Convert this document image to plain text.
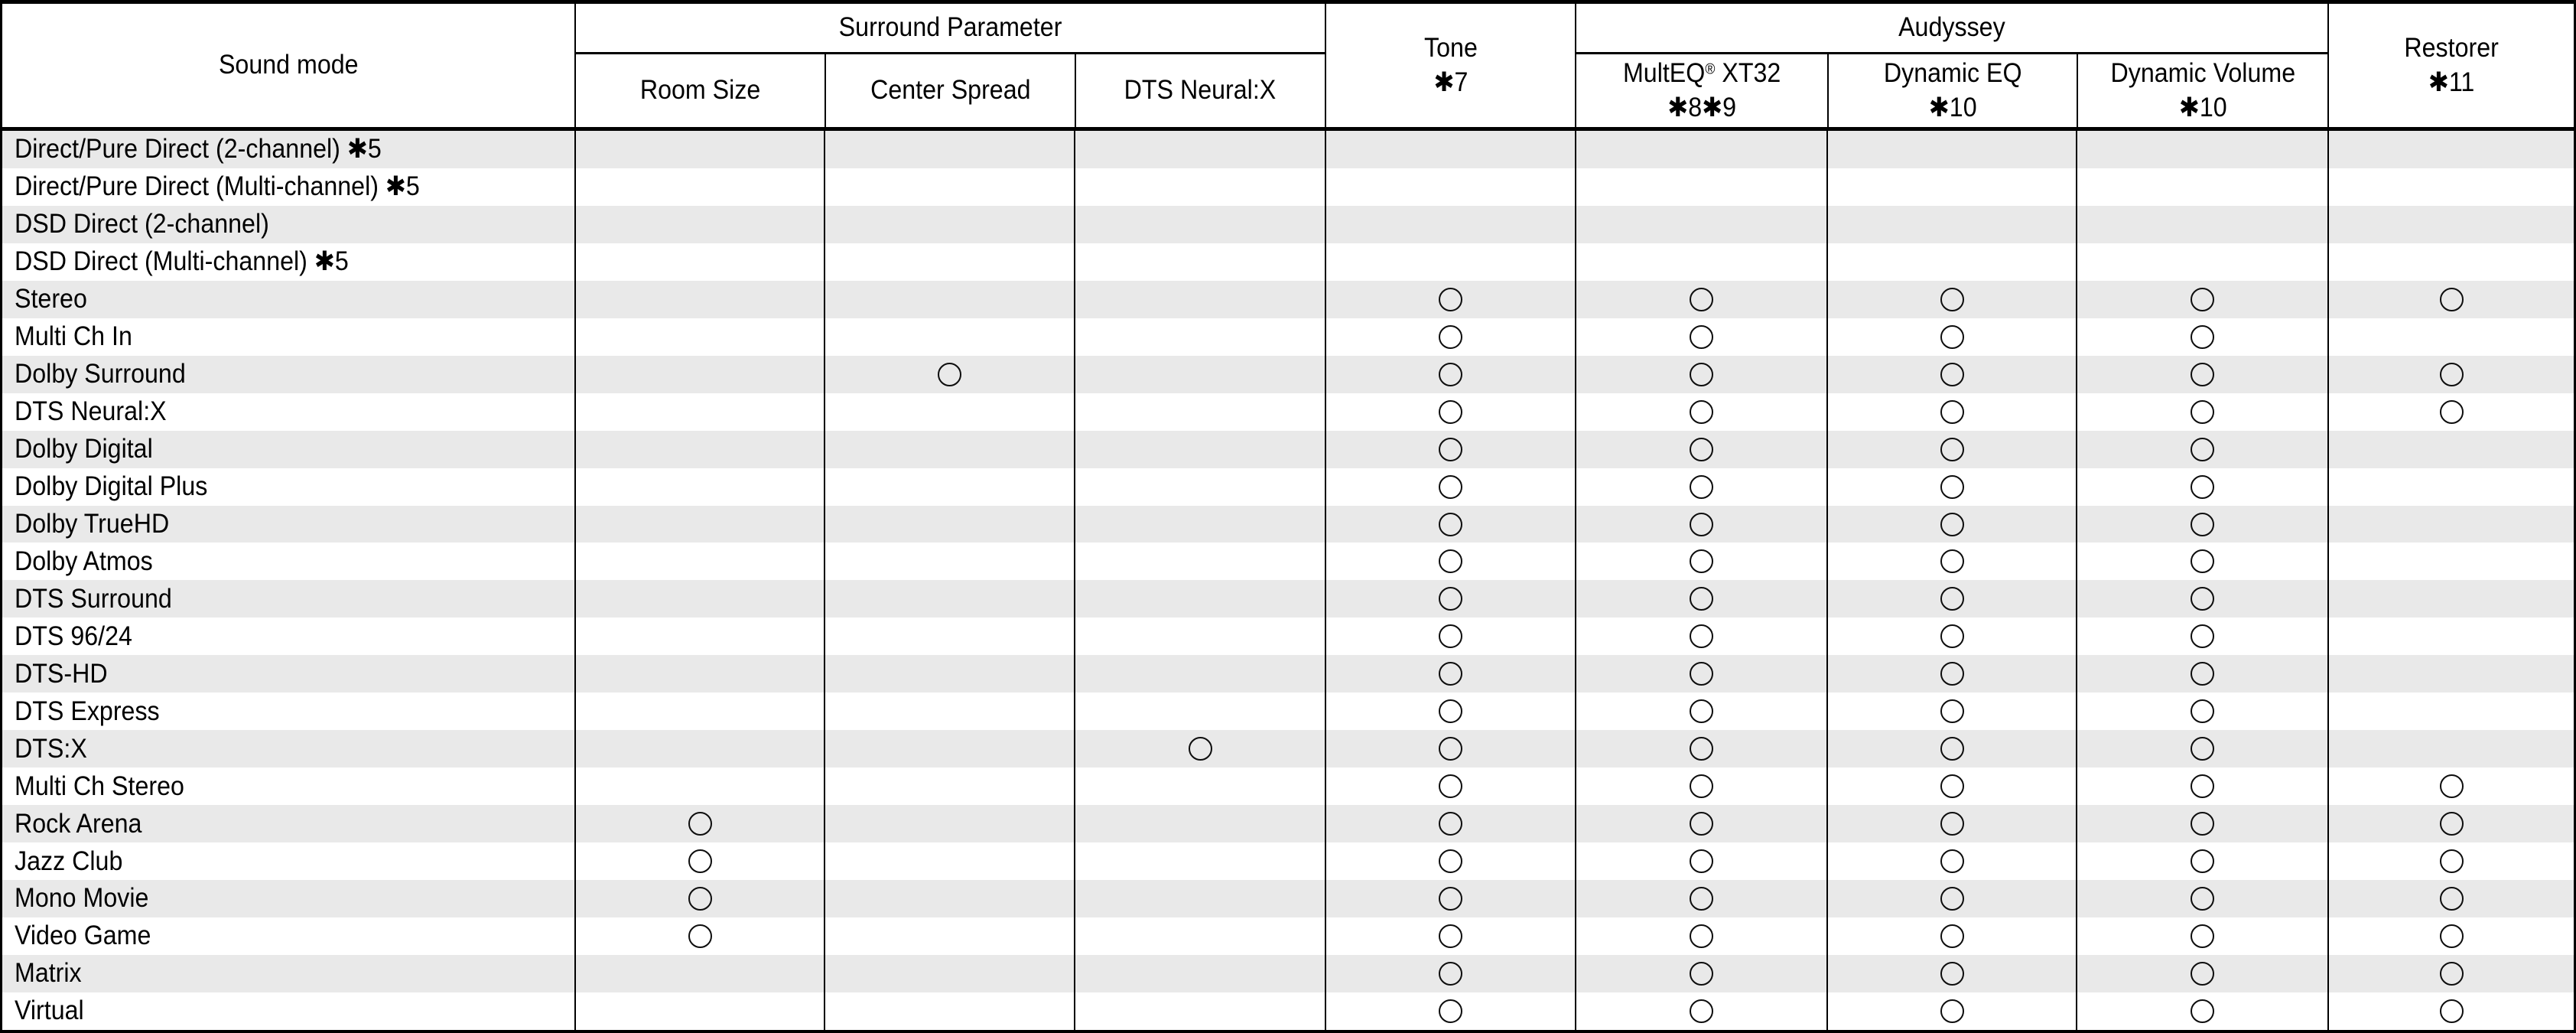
Sound mode
Surround Parameter
Room Size	Center Spread	DTS Neural:X
Tone
✱7
Audyssey
MultEQ® XT32
✱8✱9
Dynamic EQ
✱10
Dynamic Volume
✱10
Restorer
✱11
Direct/Pure Direct (2-channel) ✱5
Direct/Pure Direct (Multi-channel) ✱5
DSD Direct (2-channel)
DSD Direct (Multi-channel) ✱5
Stereo
Multi Ch In
Dolby Surround
DTS Neural:X
Dolby Digital
Dolby Digital Plus
Dolby TrueHD
Dolby Atmos
DTS Surround
DTS 96/24
DTS-HD
DTS Express
DTS:X
Multi Ch Stereo
Rock Arena
Jazz Club
Mono Movie
Video Game
Matrix
Virtual
